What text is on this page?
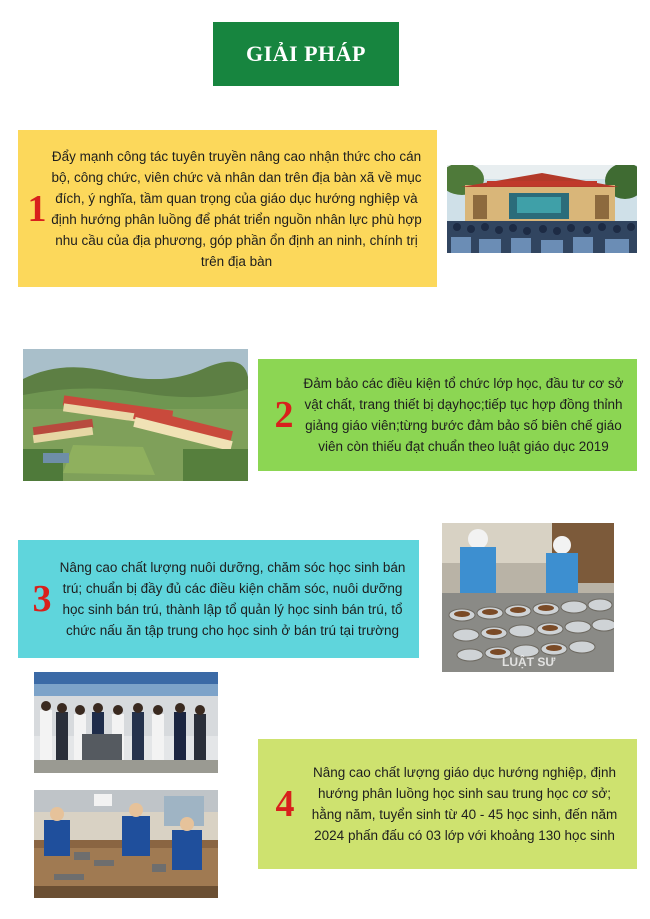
GIẢI PHÁP
1
Đẩy mạnh công tác tuyên truyền nâng cao nhận thức cho cán bộ, công chức, viên chức và nhân dan trên địa bàn xã về mục đích, ý nghĩa, tầm quan trọng của giáo dục hướng nghiệp và định hướng phân luồng để phát triển nguồn nhân lực phù hợp nhu cầu của địa phương, góp phần ổn định an ninh, chính trị trên địa bàn
2
Đảm bảo các điều kiện tổ chức lớp học, đầu tư cơ sở vật chất, trang thiết bị dạyhọc;tiếp tục hợp đồng thỉnh giảng giáo viên;từng bước đảm bảo số biên chế giáo viên còn thiếu đạt chuẩn theo luật giáo dục 2019
3
Nâng cao chất lượng nuôi dưỡng, chăm sóc học sinh bán trú; chuẩn bị đầy đủ các điều kiện chăm sóc, nuôi dưỡng học sinh bán trú, thành lập tổ quản lý học sinh bán trú, tổ chức nấu ăn tập trung cho học sinh ở bán trú tại trường
LUẬT SƯ
4
Nâng cao chất lượng giáo dục hướng nghiệp, định hướng phân luồng học sinh sau trung học cơ sở; hằng năm, tuyển sinh từ 40 - 45 học sinh, đến năm 2024 phấn đấu có 03 lớp với khoảng 130 học sinh
